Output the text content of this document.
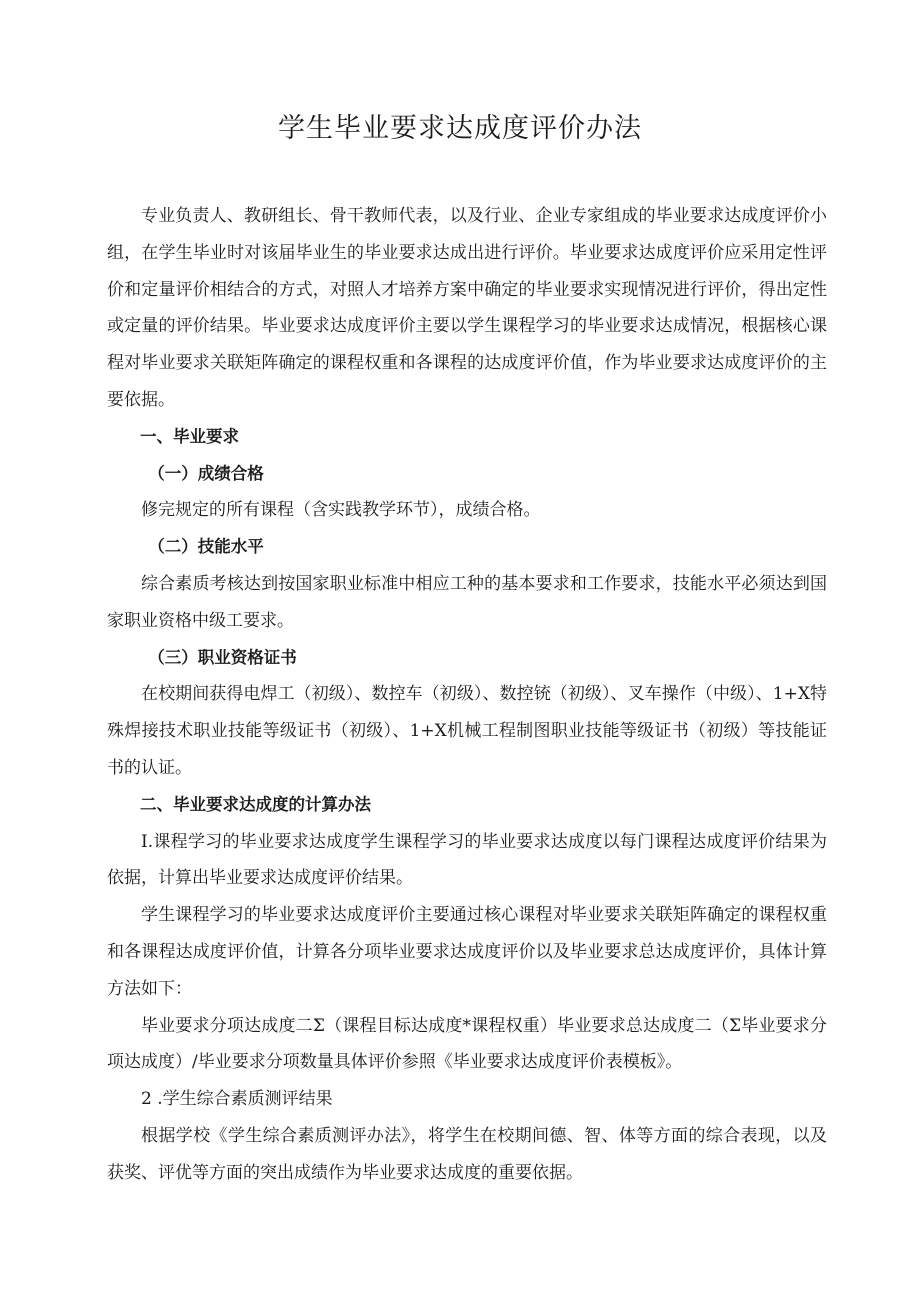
学生毕业要求达成度评价办法

专业负责人、教研组长、骨干教师代表，以及行业、企业专家组成的毕业要求达成度评价小组，在学生毕业时对该届毕业生的毕业要求达成出进行评价。毕业要求达成度评价应采用定性评价和定量评价相结合的方式，对照人才培养方案中确定的毕业要求实现情况进行评价，得出定性或定量的评价结果。毕业要求达成度评价主要以学生课程学习的毕业要求达成情况，根据核心课程对毕业要求关联矩阵确定的课程权重和各课程的达成度评价值，作为毕业要求达成度评价的主要依据。

一、毕业要求

（一）成绩合格

修完规定的所有课程（含实践教学环节），成绩合格。

（二）技能水平

综合素质考核达到按国家职业标准中相应工种的基本要求和工作要求，技能水平必须达到国家职业资格中级工要求。

（三）职业资格证书

在校期间获得电焊工（初级）、数控车（初级）、数控铳（初级）、叉车操作（中级）、1+X特殊焊接技术职业技能等级证书（初级）、1+X机械工程制图职业技能等级证书（初级）等技能证书的认证。

二、毕业要求达成度的计算办法

I.课程学习的毕业要求达成度学生课程学习的毕业要求达成度以每门课程达成度评价结果为依据，计算出毕业要求达成度评价结果。

学生课程学习的毕业要求达成度评价主要通过核心课程对毕业要求关联矩阵确定的课程权重和各课程达成度评价值，计算各分项毕业要求达成度评价以及毕业要求总达成度评价，具体计算方法如下：

毕业要求分项达成度二Σ（课程目标达成度*课程权重）毕业要求总达成度二（Σ毕业要求分项达成度）/毕业要求分项数量具体评价参照《毕业要求达成度评价表模板》。

2 .学生综合素质测评结果

根据学校《学生综合素质测评办法》，将学生在校期间德、智、体等方面的综合表现，以及获奖、评优等方面的突出成绩作为毕业要求达成度的重要依据。
